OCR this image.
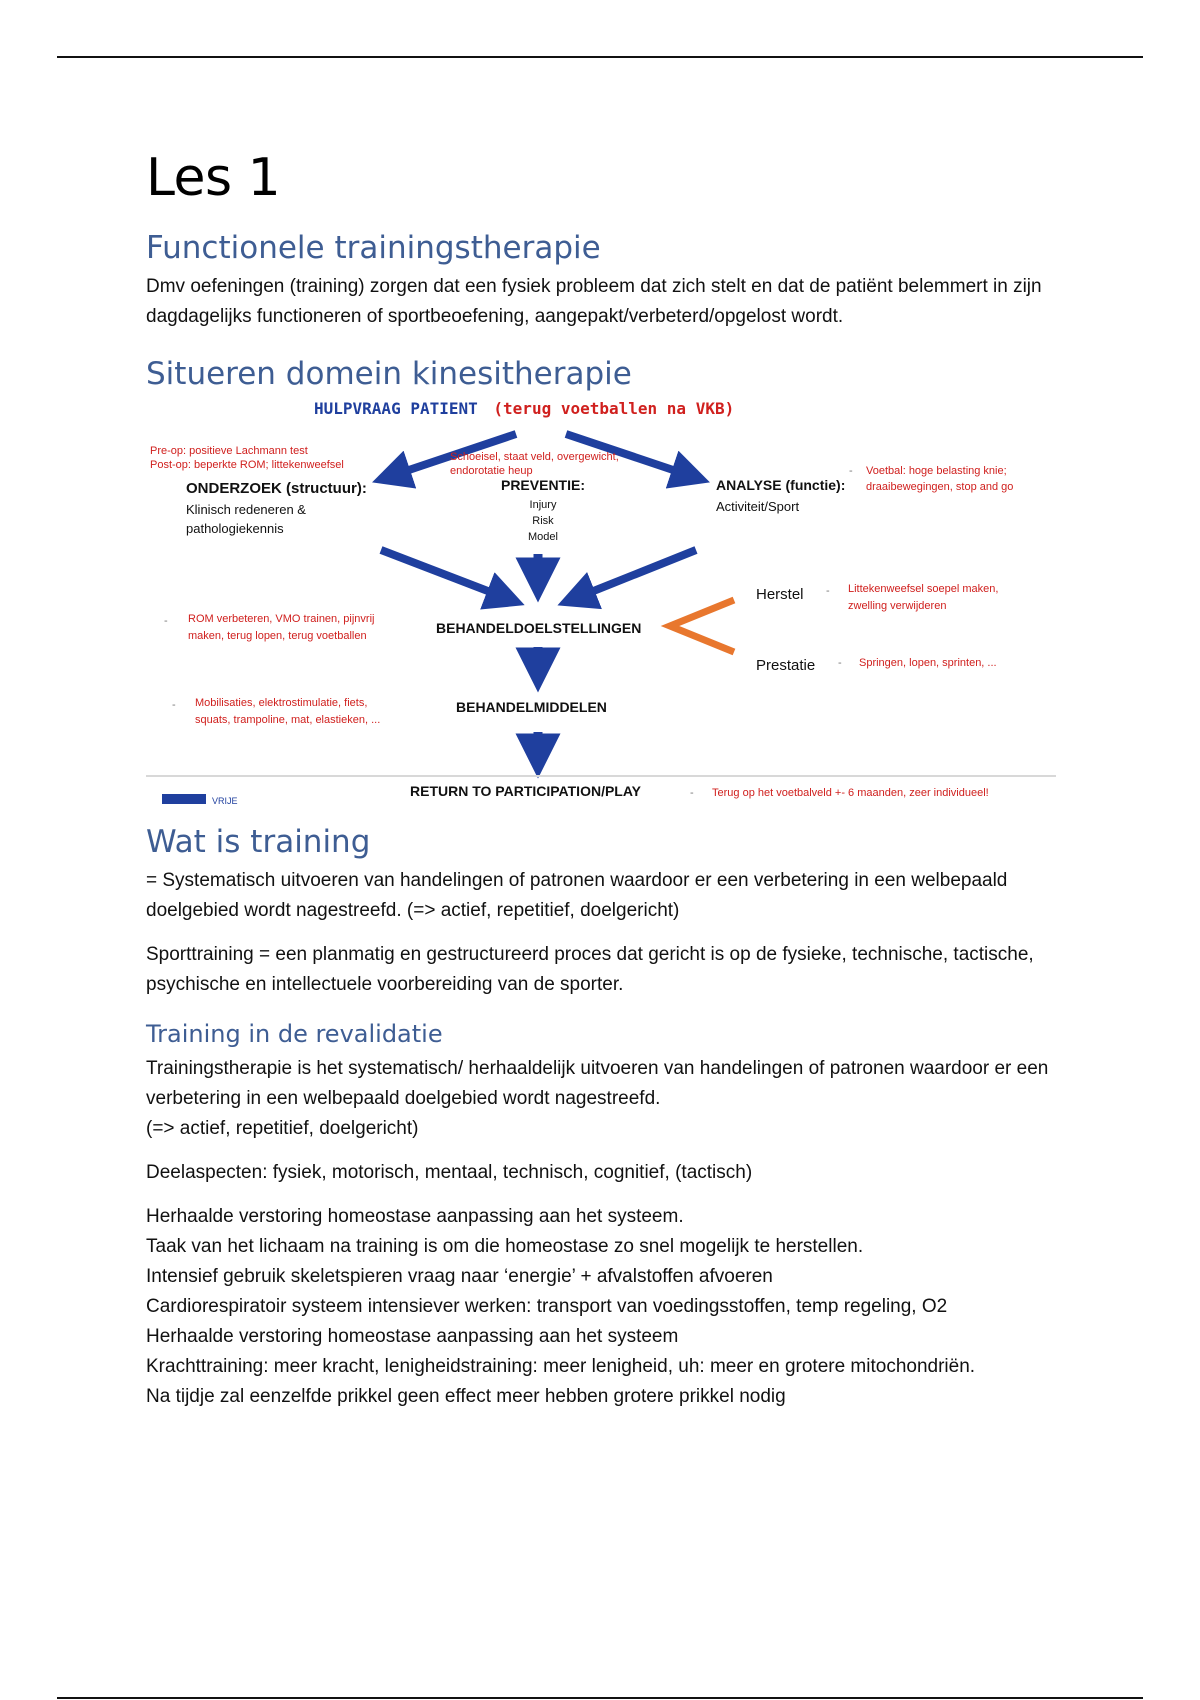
Les 1
Functionele trainingstherapie

Dmv oefeningen (training) zorgen dat een fysiek probleem dat zich stelt en dat de patiënt belemmert in zijn dagdagelijks functioneren of sportbeoefening, aangepakt/verbeterd/opgelost wordt.

Situeren domein kinesitherapie
HULPVRAAG PATIENT (terug voetballen na VKB)
Pre-op: positieve Lachmann test
Post-op: beperkte ROM; littekenweefsel
ONDERZOEK (structuur):
Klinisch redeneren &
pathologiekennis
Schoeisel, staat veld, overgewicht,
endorotatie heup
PREVENTIE:
Injury
Risk
Model
ANALYSE (functie):
Activiteit/Sport
Voetbal: hoge belasting knie;
draaibewegingen, stop and go
-
- ROM verbeteren, VMO trainen, pijnvrij
maken, terug lopen, terug voetballen	BEHANDELDOELSTELLINGEN
Herstel - Littekenweefsel soepel maken,
zwelling verwijderen
Prestatie - Springen, lopen, sprinten, ...
- Mobilisaties, elektrostimulatie, fiets,
squats, trampoline, mat, elastieken, ...
BEHANDELMIDDELEN
VRIJE
RETURN TO PARTICIPATION/PLAY	- Terug op het voetbalveld +- 6 maanden, zeer individueel!
Wat is training

= Systematisch uitvoeren van handelingen of patronen waardoor er een verbetering in een welbepaald doelgebied wordt nagestreefd. (=> actief, repetitief, doelgericht)

Sporttraining = een planmatig en gestructureerd proces dat gericht is op de fysieke, technische, tactische, psychische en intellectuele voorbereiding van de sporter.

Training in de revalidatie

Trainingstherapie is het systematisch/ herhaaldelijk uitvoeren van handelingen of patronen waardoor er een verbetering in een welbepaald doelgebied wordt nagestreefd.

(=> actief, repetitief, doelgericht)

Deelaspecten: fysiek, motorisch, mentaal, technisch, cognitief, (tactisch)

Herhaalde verstoring homeostase aanpassing aan het systeem.

Taak van het lichaam na training is om die homeostase zo snel mogelijk te herstellen.

Intensief gebruik skeletspieren vraag naar ‘energie’ + afvalstoffen afvoeren

Cardiorespiratoir systeem intensiever werken: transport van voedingsstoffen, temp regeling, O2

Herhaalde verstoring homeostase aanpassing aan het systeem

Krachttraining: meer kracht, lenigheidstraining: meer lenigheid, uh: meer en grotere mitochondriën.

Na tijdje zal eenzelfde prikkel geen effect meer hebben grotere prikkel nodig
